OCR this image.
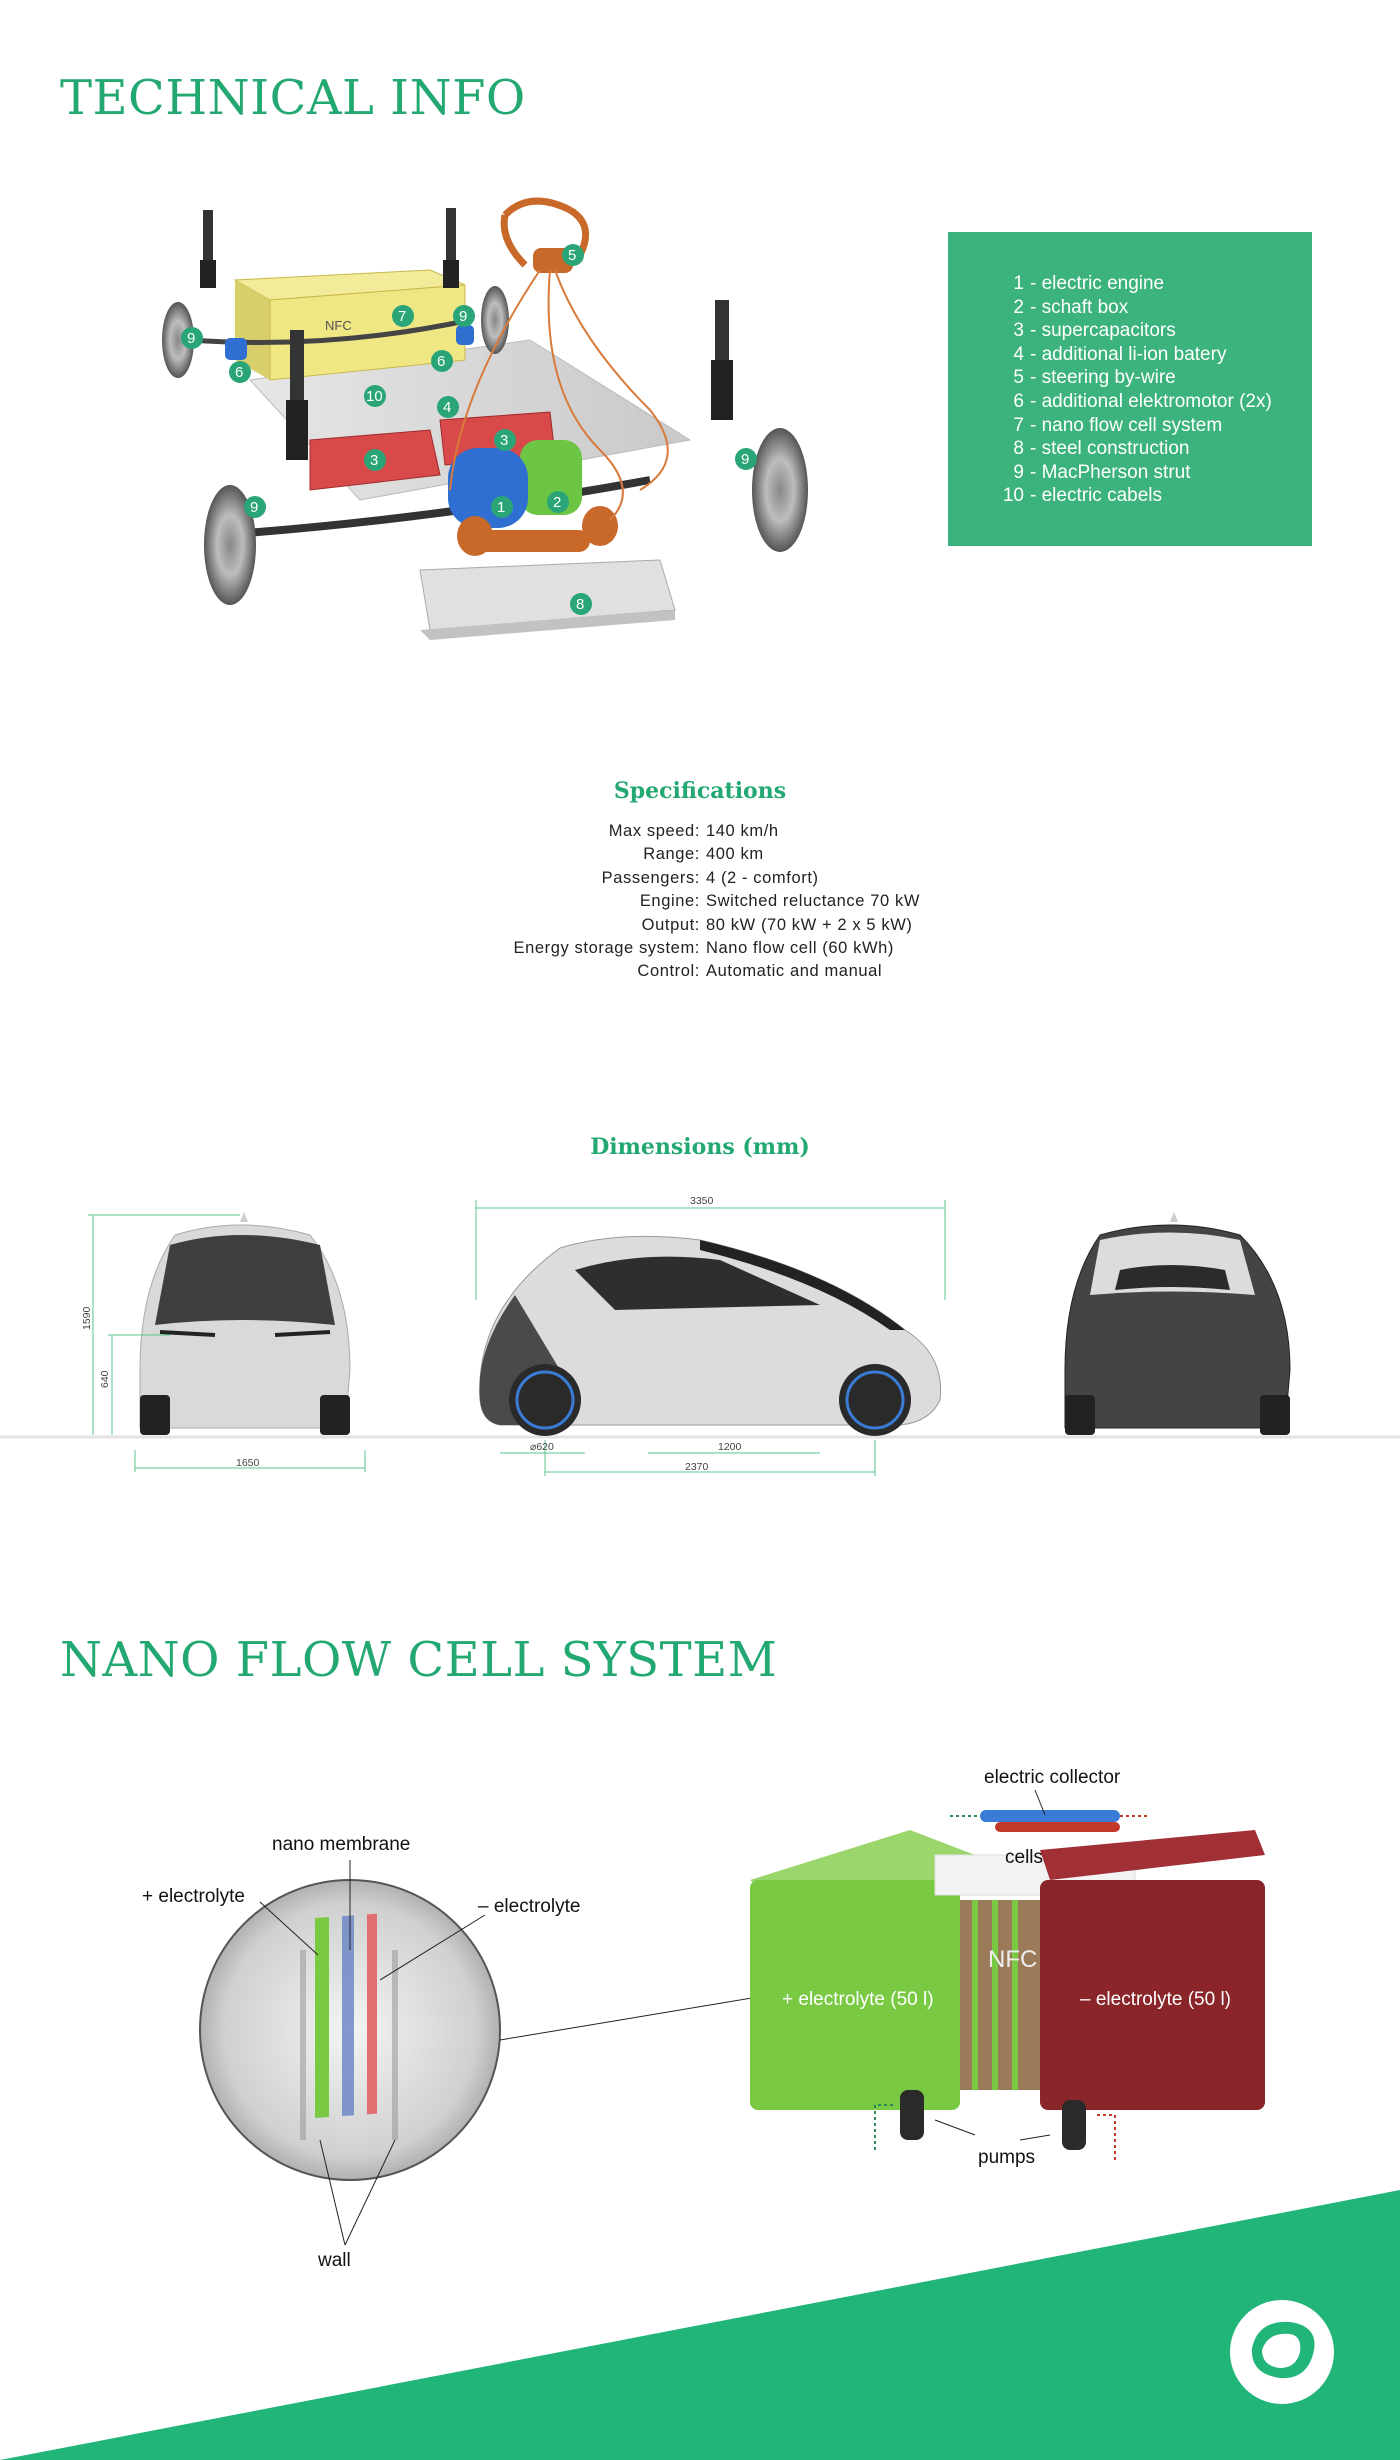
TECHNICAL INFO
NFC
7
9
9
6
6
10
4
5
3
3
9
9	1	2
8
1 - electric engine
2 - schaft box
3 - supercapacitors
4 - additional li-ion batery
5 - steering by-wire
6 - additional elektromotor (2x)
7 - nano flow cell system
8 - steel construction
9 - MacPherson strut
10 - electric cabels
Specifications
Max speed: 140 km/h
Range: 400 km
Passengers: 4 (2 - comfort)
Engine: Switched reluctance 70 kW
Output: 80 kW (70 kW + 2 x 5 kW)
Energy storage system: Nano flow cell (60 kWh)
Control: Automatic and manual
Dimensions (mm)
1590
640
1650
3350
⌀620	1200
2370
NANO FLOW CELL SYSTEM
nano membrane
+ electrolyte	– electrolyte
wall
+ electrolyte (50 l)
NFC
cells
– electrolyte (50 l)
electric collector
pumps
